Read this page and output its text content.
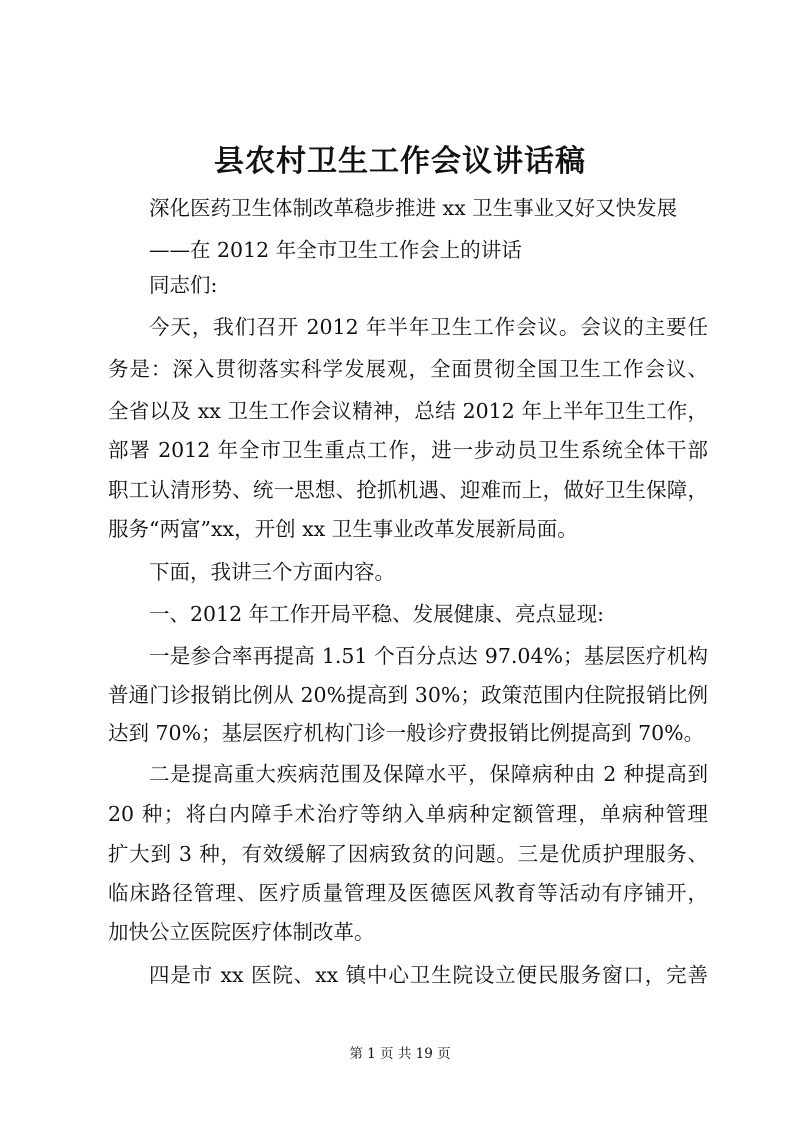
县农村卫生工作会议讲话稿
深化医药卫生体制改革稳步推进 xx 卫生事业又好又快发展
——在 2012 年全市卫生工作会上的讲话
同志们:
今天，我们召开 2012 年半年卫生工作会议。会议的主要任
务是：深入贯彻落实科学发展观，全面贯彻全国卫生工作会议、
全省以及 xx 卫生工作会议精神，总结 2012 年上半年卫生工作，
部署 2012 年全市卫生重点工作，进一步动员卫生系统全体干部
职工认清形势、统一思想、抢抓机遇、迎难而上，做好卫生保障，
服务“两富”xx，开创 xx 卫生事业改革发展新局面。
下面，我讲三个方面内容。
一、2012 年工作开局平稳、发展健康、亮点显现:
一是参合率再提高 1.51 个百分点达 97.04%；基层医疗机构
普通门诊报销比例从 20%提高到 30%；政策范围内住院报销比例
达到 70%；基层医疗机构门诊一般诊疗费报销比例提高到 70%。
二是提高重大疾病范围及保障水平，保障病种由 2 种提高到
20 种；将白内障手术治疗等纳入单病种定额管理，单病种管理
扩大到 3 种，有效缓解了因病致贫的问题。三是优质护理服务、
临床路径管理、医疗质量管理及医德医风教育等活动有序铺开，
加快公立医院医疗体制改革。
四是市 xx 医院、xx 镇中心卫生院设立便民服务窗口，完善
第 1 页 共 19 页
